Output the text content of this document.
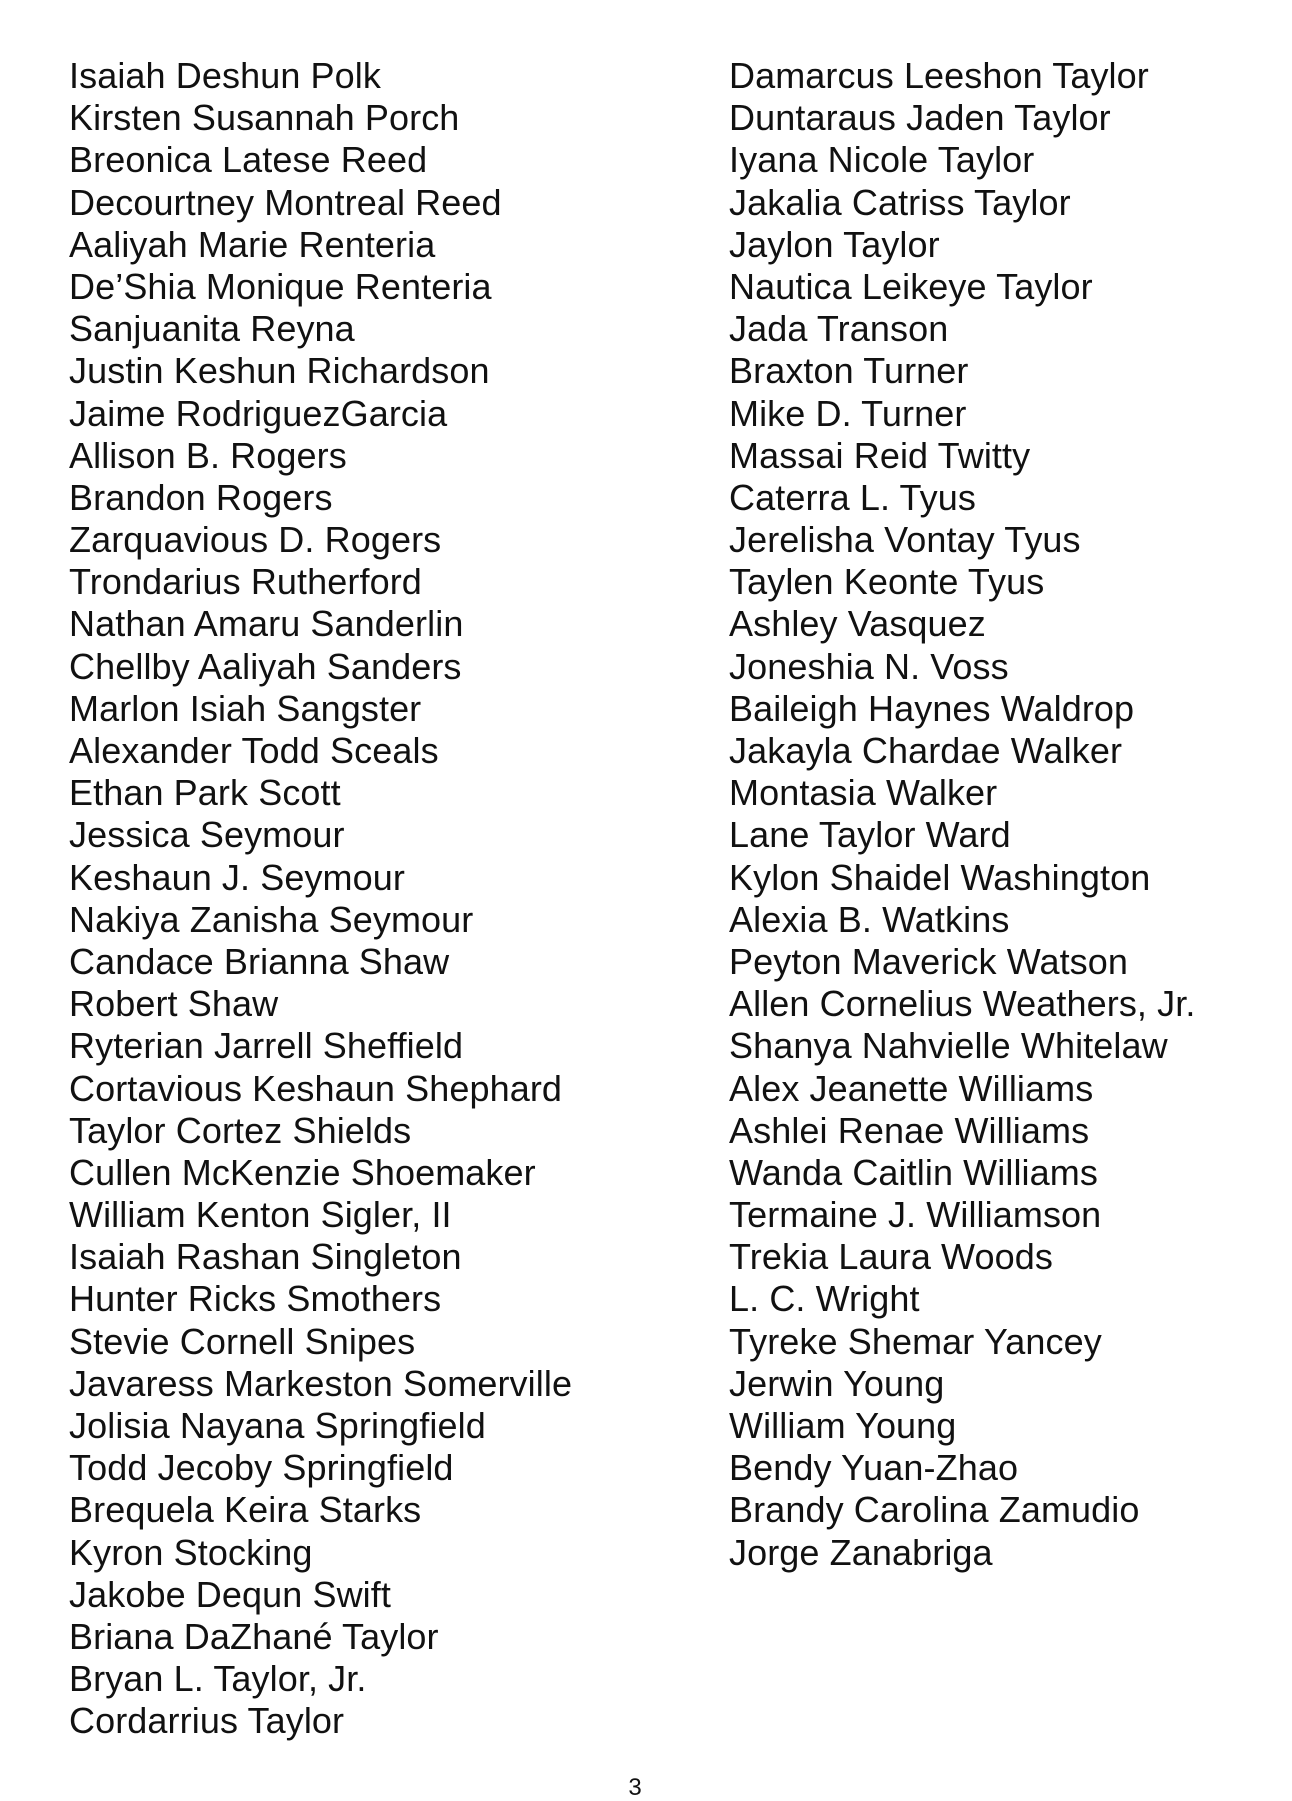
Isaiah Deshun Polk
Kirsten Susannah Porch
Breonica Latese Reed
Decourtney Montreal Reed
Aaliyah Marie Renteria
De’Shia Monique Renteria
Sanjuanita Reyna
Justin Keshun Richardson
Jaime RodriguezGarcia
Allison B. Rogers
Brandon Rogers
Zarquavious D. Rogers
Trondarius Rutherford
Nathan Amaru Sanderlin
Chellby Aaliyah Sanders
Marlon Isiah Sangster
Alexander Todd Sceals
Ethan Park Scott
Jessica Seymour
Keshaun J. Seymour
Nakiya Zanisha Seymour
Candace Brianna Shaw
Robert Shaw
Ryterian Jarrell Sheffield
Cortavious Keshaun Shephard
Taylor Cortez Shields
Cullen McKenzie Shoemaker
William Kenton Sigler, II
Isaiah Rashan Singleton
Hunter Ricks Smothers
Stevie Cornell Snipes
Javaress Markeston Somerville
Jolisia Nayana Springfield
Todd Jecoby Springfield
Brequela Keira Starks
Kyron Stocking
Jakobe Dequn Swift
Briana DaZhané Taylor
Bryan L. Taylor, Jr.
Cordarrius Taylor
Damarcus Leeshon Taylor
Duntaraus Jaden Taylor
Iyana Nicole Taylor
Jakalia Catriss Taylor
Jaylon Taylor
Nautica Leikeye Taylor
Jada Transon
Braxton Turner
Mike D. Turner
Massai Reid Twitty
Caterra L. Tyus
Jerelisha Vontay Tyus
Taylen Keonte Tyus
Ashley Vasquez
Joneshia N. Voss
Baileigh Haynes Waldrop
Jakayla Chardae Walker
Montasia Walker
Lane Taylor Ward
Kylon Shaidel Washington
Alexia B. Watkins
Peyton Maverick Watson
Allen Cornelius Weathers, Jr.
Shanya Nahvielle Whitelaw
Alex Jeanette Williams
Ashlei Renae Williams
Wanda Caitlin Williams
Termaine J. Williamson
Trekia Laura Woods
L. C. Wright
Tyreke Shemar Yancey
Jerwin Young
William Young
Bendy Yuan-Zhao
Brandy Carolina Zamudio
Jorge Zanabriga
3
